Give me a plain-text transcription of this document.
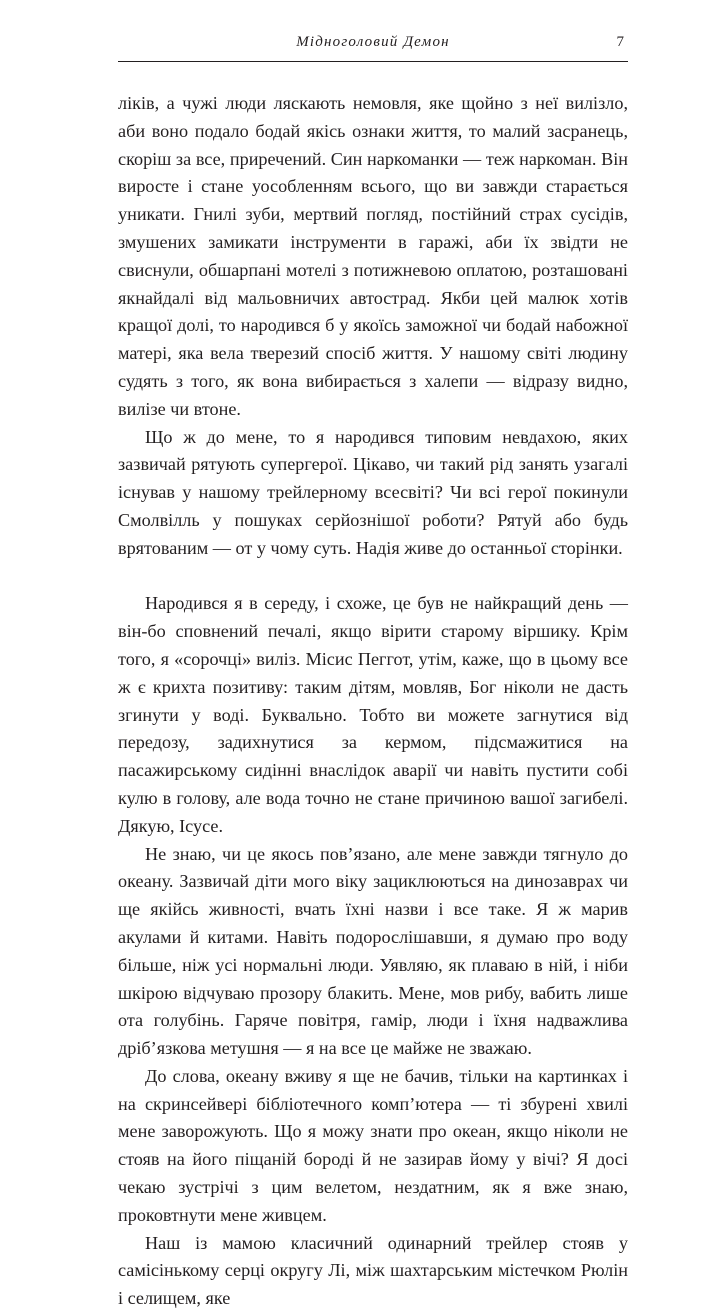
Мідноголовий Демон	7

ліків, а чужі люди ляскають немовля, яке щойно з неї вилізло, аби воно подало бодай якісь ознаки життя, то малий засранець, скоріш за все, приречений. Син наркоманки — теж наркоман. Він виросте і стане уособленням всього, що ви завжди старається уникати. Гнилі зуби, мертвий погляд, постійний страх сусідів, змушених замикати інструменти в гаражі, аби їх звідти не свиснули, обшарпані мотелі з потижневою оплатою, розташовані якнайдалі від мальовничих автострад. Якби цей малюк хотів кращої долі, то народився б у якоїсь заможної чи бодай набожної матері, яка вела тверезий спосіб життя. У нашому світі людину судять з того, як вона вибирається з халепи — відразу видно, вилізе чи втоне.

Що ж до мене, то я народився типовим невдахою, яких зазвичай рятують супергерої. Цікаво, чи такий рід занять узагалі існував у нашому трейлерному всесвіті? Чи всі герої покинули Смолвілль у пошуках серйознішої роботи? Рятуй або будь врятованим — от у чому суть. Надія живе до останньої сторінки.

Народився я в середу, і схоже, це був не найкращий день — він-бо сповнений печалі, якщо вірити старому віршику. Крім того, я «сорочці» виліз. Місис Пеггот, утім, каже, що в цьому все ж є крихта позитиву: таким дітям, мовляв, Бог ніколи не дасть згинути у воді. Буквально. Тобто ви можете загнутися від передозу, задихнутися за кермом, підсмажитися на пасажирському сидінні внаслідок аварії чи навіть пустити собі кулю в голову, але вода точно не стане причиною вашої загибелі. Дякую, Ісусе.

Не знаю, чи це якось пов’язано, але мене завжди тягнуло до океану. Зазвичай діти мого віку зациклюються на динозаврах чи ще якійсь живності, вчать їхні назви і все таке. Я ж марив акулами й китами. Навіть подорослішавши, я думаю про воду більше, ніж усі нормальні люди. Уявляю, як плаваю в ній, і ніби шкірою відчуваю прозору блакить. Мене, мов рибу, вабить лише ота голубінь. Гаряче повітря, гамір, люди і їхня надважлива дріб’язкова метушня — я на все це майже не зважаю.

До слова, океану вживу я ще не бачив, тільки на картинках і на скринсейвері бібліотечного комп’ютера — ті збурені хвилі мене заворожують. Що я можу знати про океан, якщо ніколи не стояв на його піщаній бороді й не зазирав йому у вічі? Я досі чекаю зустрічі з цим велетом, нездатним, як я вже знаю, проковтнути мене живцем.

Наш із мамою класичний одинарний трейлер стояв у самісінькому серці округу Лі, між шахтарським містечком Рюлін і селищем, яке
